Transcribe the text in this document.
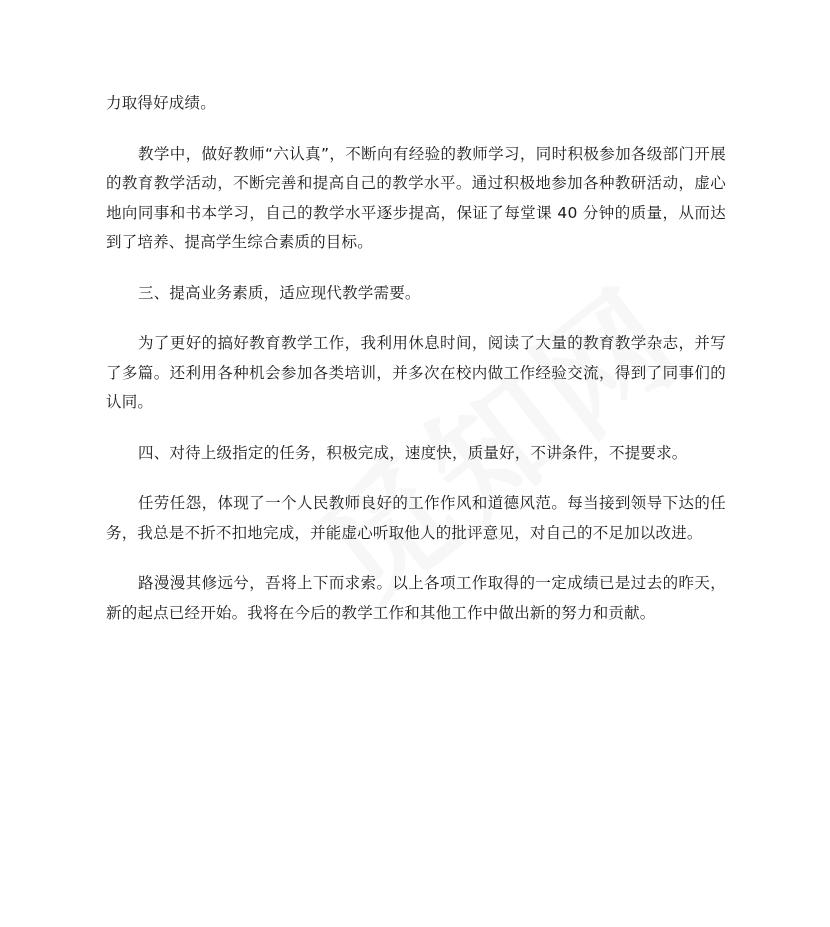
力取得好成绩。

教学中，做好教师“六认真”，不断向有经验的教师学习，同时积极参加各级部门开展的教育教学活动，不断完善和提高自己的教学水平。通过积极地参加各种教研活动，虚心地向同事和书本学习，自己的教学水平逐步提高，保证了每堂课 40 分钟的质量，从而达到了培养、提高学生综合素质的目标。

三、提高业务素质，适应现代教学需要。

为了更好的搞好教育教学工作，我利用休息时间，阅读了大量的教育教学杂志，并写了多篇。还利用各种机会参加各类培训，并多次在校内做工作经验交流，得到了同事们的认同。

四、对待上级指定的任务，积极完成，速度快，质量好，不讲条件，不提要求。

任劳任怨，体现了一个人民教师良好的工作作风和道德风范。每当接到领导下达的任务，我总是不折不扣地完成，并能虚心听取他人的批评意见，对自己的不足加以改进。

路漫漫其修远兮，吾将上下而求索。以上各项工作取得的一定成绩已是过去的昨天，新的起点已经开始。我将在今后的教学工作和其他工作中做出新的努力和贡献。
